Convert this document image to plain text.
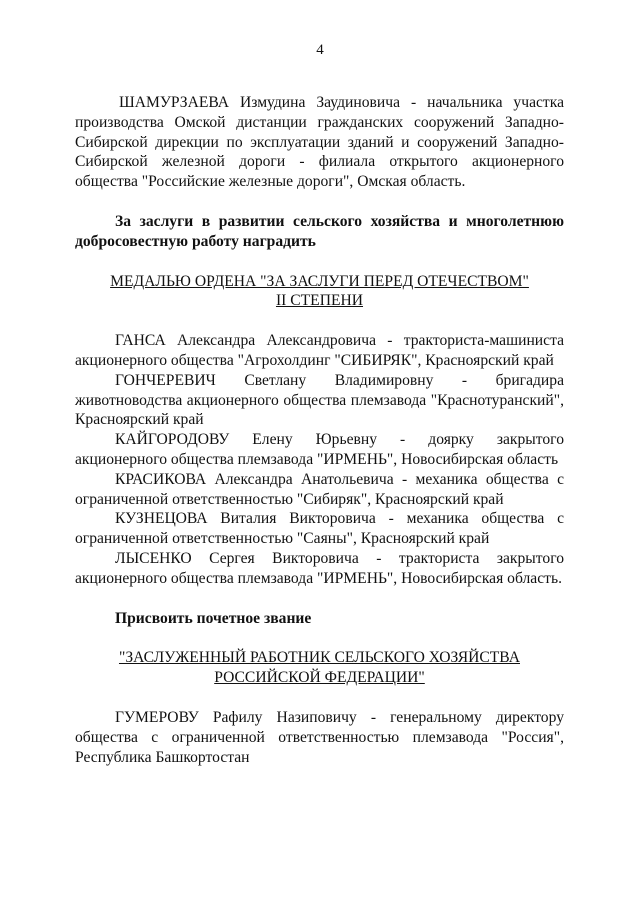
4

ШАМУРЗАЕВА Измудина Заудиновича - начальника участка производства Омской дистанции гражданских сооружений Западно-Сибирской дирекции по эксплуатации зданий и сооружений Западно-Сибирской железной дороги - филиала открытого акционерного общества "Российские железные дороги", Омская область.

За заслуги в развитии сельского хозяйства и многолетнюю добросовестную работу наградить

МЕДАЛЬЮ ОРДЕНА "ЗА ЗАСЛУГИ ПЕРЕД ОТЕЧЕСТВОМ"
II СТЕПЕНИ

ГАНСА Александра Александровича - тракториста-машиниста акционерного общества "Агрохолдинг "СИБИРЯК", Красноярский край

ГОНЧЕРЕВИЧ Светлану Владимировну - бригадира животноводства акционерного общества племзавода "Краснотуранский", Красноярский край

КАЙГОРОДОВУ Елену Юрьевну - доярку закрытого акционерного общества племзавода "ИРМЕНЬ", Новосибирская область

КРАСИКОВА Александра Анатольевича - механика общества с ограниченной ответственностью "Сибиряк", Красноярский край

КУЗНЕЦОВА Виталия Викторовича - механика общества с ограниченной ответственностью "Саяны", Красноярский край

ЛЫСЕНКО Сергея Викторовича - тракториста закрытого акционерного общества племзавода "ИРМЕНЬ", Новосибирская область.

Присвоить почетное звание

"ЗАСЛУЖЕННЫЙ РАБОТНИК СЕЛЬСКОГО ХОЗЯЙСТВА
РОССИЙСКОЙ ФЕДЕРАЦИИ"

ГУМЕРОВУ Рафилу Назиповичу - генеральному директору общества с ограниченной ответственностью племзавода "Россия", Республика Башкортостан
